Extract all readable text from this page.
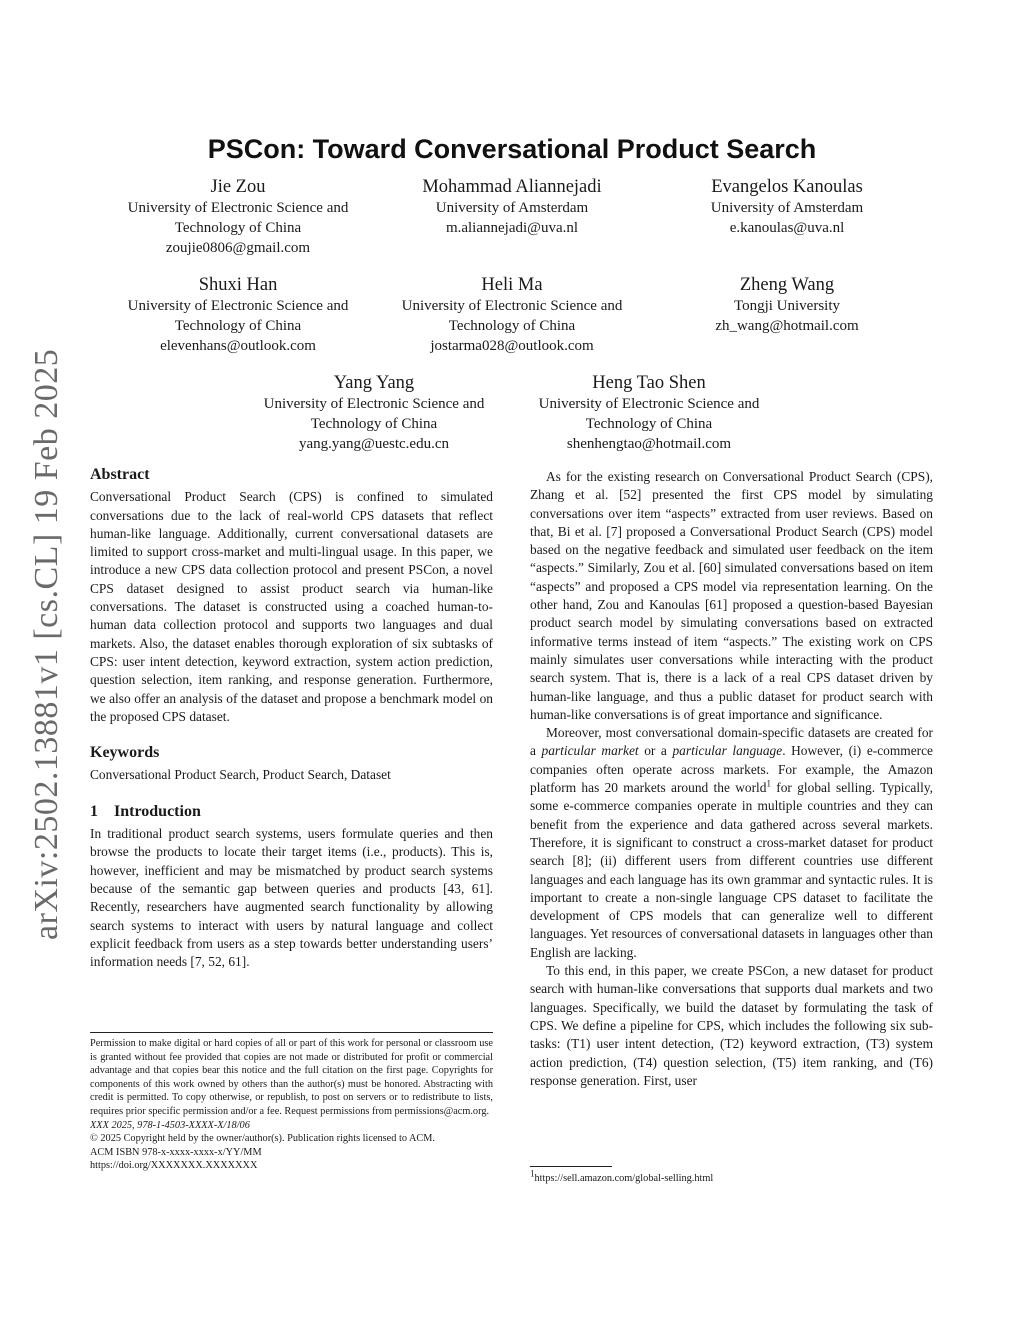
arXiv:2502.13881v1 [cs.CL] 19 Feb 2025
PSCon: Toward Conversational Product Search
Jie Zou
University of Electronic Science and
Technology of China
zoujie0806@gmail.com
Mohammad Aliannejadi
University of Amsterdam
m.aliannejadi@uva.nl
Evangelos Kanoulas
University of Amsterdam
e.kanoulas@uva.nl
Shuxi Han
University of Electronic Science and
Technology of China
elevenhans@outlook.com
Heli Ma
University of Electronic Science and
Technology of China
jostarma028@outlook.com
Zheng Wang
Tongji University
zh_wang@hotmail.com
Yang Yang
University of Electronic Science and
Technology of China
yang.yang@uestc.edu.cn
Heng Tao Shen
University of Electronic Science and
Technology of China
shenhengtao@hotmail.com
Abstract

Conversational Product Search (CPS) is confined to simulated conversations due to the lack of real-world CPS datasets that reflect human-like language. Additionally, current conversational datasets are limited to support cross-market and multi-lingual usage. In this paper, we introduce a new CPS data collection protocol and present PSCon, a novel CPS dataset designed to assist product search via human-like conversations. The dataset is constructed using a coached human-to-human data collection protocol and supports two languages and dual markets. Also, the dataset enables thorough exploration of six subtasks of CPS: user intent detection, keyword extraction, system action prediction, question selection, item ranking, and response generation. Furthermore, we also offer an analysis of the dataset and propose a benchmark model on the proposed CPS dataset.

Keywords

Conversational Product Search, Product Search, Dataset

1 Introduction

In traditional product search systems, users formulate queries and then browse the products to locate their target items (i.e., products). This is, however, inefficient and may be mismatched by product search systems because of the semantic gap between queries and products [43, 61]. Recently, researchers have augmented search functionality by allowing search systems to interact with users by natural language and collect explicit feedback from users as a step towards better understanding users’ information needs [7, 52, 61].

Permission to make digital or hard copies of all or part of this work for personal or classroom use is granted without fee provided that copies are not made or distributed for profit or commercial advantage and that copies bear this notice and the full citation on the first page. Copyrights for components of this work owned by others than the author(s) must be honored. Abstracting with credit is permitted. To copy otherwise, or republish, to post on servers or to redistribute to lists, requires prior specific permission and/or a fee. Request permissions from permissions@acm.org.

XXX 2025, 978-1-4503-XXXX-X/18/06

© 2025 Copyright held by the owner/author(s). Publication rights licensed to ACM.

ACM ISBN 978-x-xxxx-xxxx-x/YY/MM

https://doi.org/XXXXXXX.XXXXXXX

As for the existing research on Conversational Product Search (CPS), Zhang et al. [52] presented the first CPS model by simulating conversations over item “aspects” extracted from user reviews. Based on that, Bi et al. [7] proposed a Conversational Product Search (CPS) model based on the negative feedback and simulated user feedback on the item “aspects.” Similarly, Zou et al. [60] simulated conversations based on item “aspects” and proposed a CPS model via representation learning. On the other hand, Zou and Kanoulas [61] proposed a question-based Bayesian product search model by simulating conversations based on extracted informative terms instead of item “aspects.” The existing work on CPS mainly simulates user conversations while interacting with the product search system. That is, there is a lack of a real CPS dataset driven by human-like language, and thus a public dataset for product search with human-like conversations is of great importance and significance.

Moreover, most conversational domain-specific datasets are created for a particular market or a particular language. However, (i) e-commerce companies often operate across markets. For example, the Amazon platform has 20 markets around the world$^1$ for global selling. Typically, some e-commerce companies operate in multiple countries and they can benefit from the experience and data gathered across several markets. Therefore, it is significant to construct a cross-market dataset for product search [8]; (ii) different users from different countries use different languages and each language has its own grammar and syntactic rules. It is important to create a non-single language CPS dataset to facilitate the development of CPS models that can generalize well to different languages. Yet resources of conversational datasets in languages other than English are lacking.

To this end, in this paper, we create PSCon, a new dataset for product search with human-like conversations that supports dual markets and two languages. Specifically, we build the dataset by formulating the task of CPS. We define a pipeline for CPS, which includes the following six sub-tasks: (T1) user intent detection, (T2) keyword extraction, (T3) system action prediction, (T4) question selection, (T5) item ranking, and (T6) response generation. First, user

$^1$https://sell.amazon.com/global-selling.html
